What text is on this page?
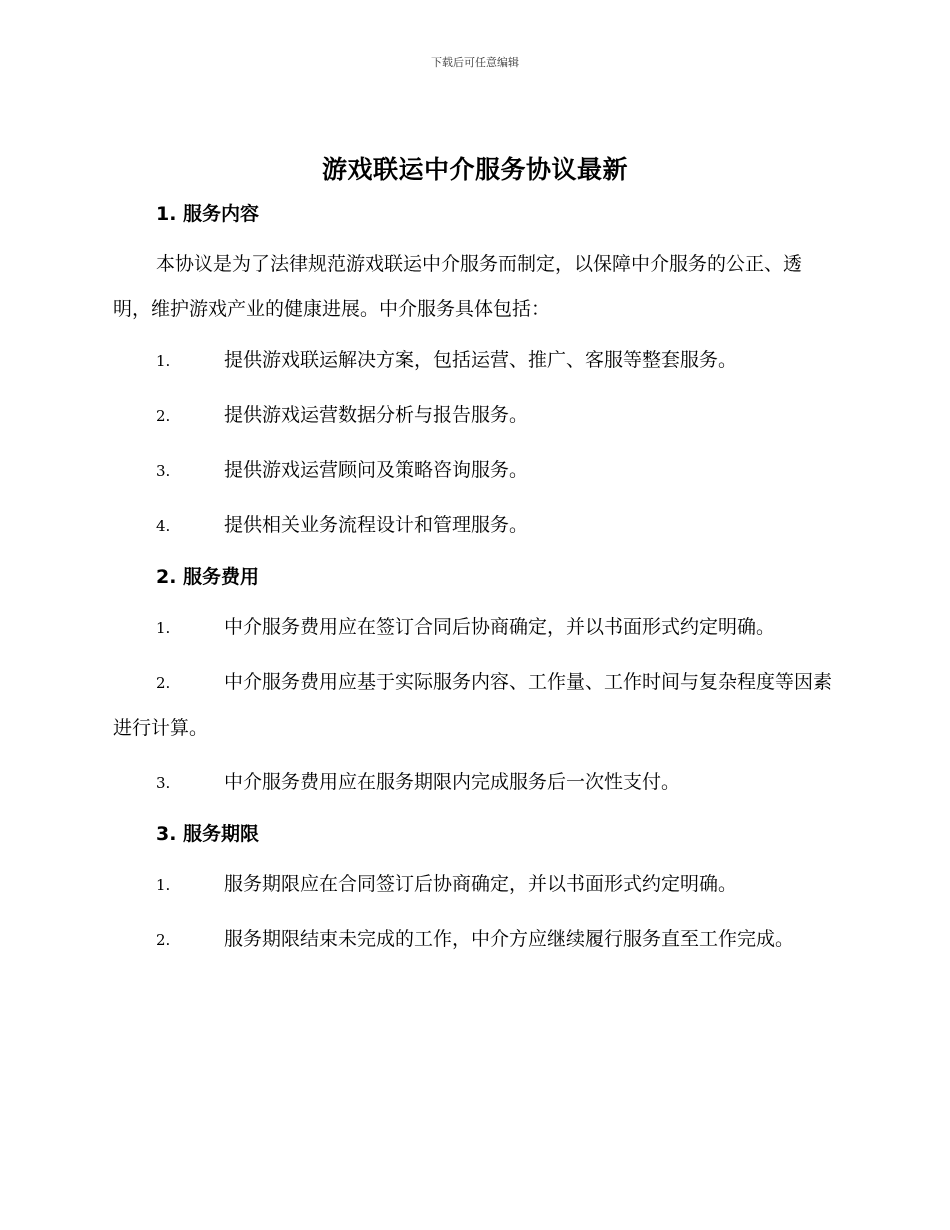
下载后可任意编辑
游戏联运中介服务协议最新
1. 服务内容

本协议是为了法律规范游戏联运中介服务而制定，以保障中介服务的公正、透明，维护游戏产业的健康进展。中介服务具体包括：

1.	提供游戏联运解决方案，包括运营、推广、客服等整套服务。
2.	提供游戏运营数据分析与报告服务。
3.	提供游戏运营顾问及策略咨询服务。
4.	提供相关业务流程设计和管理服务。
2. 服务费用
1.	中介服务费用应在签订合同后协商确定，并以书面形式约定明确。
2.	中介服务费用应基于实际服务内容、工作量、工作时间与复杂程度等因素进行计算。
3.	中介服务费用应在服务期限内完成服务后一次性支付。
3. 服务期限
1.	服务期限应在合同签订后协商确定，并以书面形式约定明确。
2.	服务期限结束未完成的工作，中介方应继续履行服务直至工作完成。
